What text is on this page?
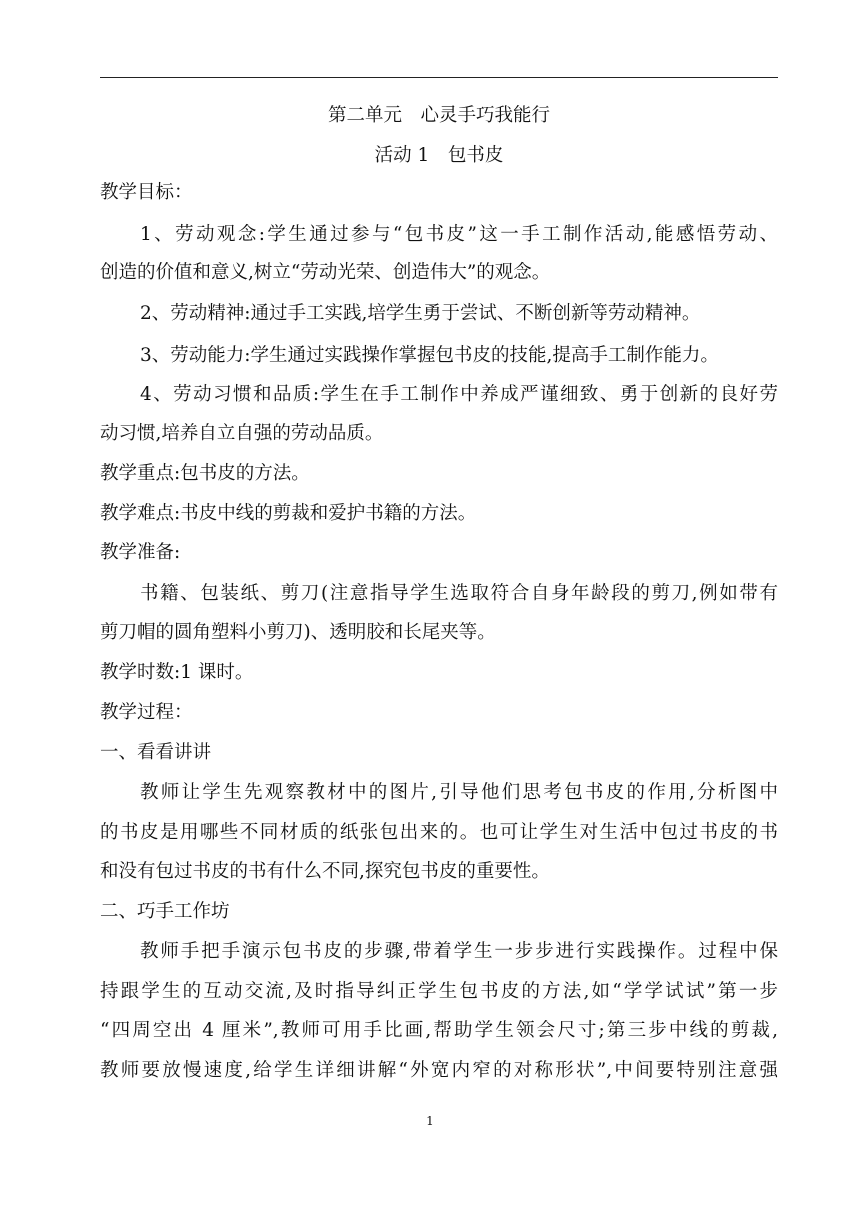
第二单元　心灵手巧我能行
活动 1　包书皮
教学目标：
1、劳动观念:学生通过参与“包书皮”这一手工制作活动,能感悟劳动、
创造的价值和意义,树立“劳动光荣、创造伟大”的观念。
2、劳动精神:通过手工实践,培学生勇于尝试、不断创新等劳动精神。
3、劳动能力:学生通过实践操作掌握包书皮的技能,提高手工制作能力。
4、劳动习惯和品质:学生在手工制作中养成严谨细致、勇于创新的良好劳
动习惯,培养自立自强的劳动品质。
教学重点:包书皮的方法。
教学难点:书皮中线的剪裁和爱护书籍的方法。
教学准备:
书籍、包装纸、剪刀(注意指导学生选取符合自身年龄段的剪刀,例如带有
剪刀帽的圆角塑料小剪刀)、透明胶和长尾夹等。
教学时数:1 课时。
教学过程：
一、看看讲讲
教师让学生先观察教材中的图片,引导他们思考包书皮的作用,分析图中
的书皮是用哪些不同材质的纸张包出来的。也可让学生对生活中包过书皮的书
和没有包过书皮的书有什么不同,探究包书皮的重要性。
二、巧手工作坊
教师手把手演示包书皮的步骤,带着学生一步步进行实践操作。过程中保
持跟学生的互动交流,及时指导纠正学生包书皮的方法,如“学学试试”第一步
“四周空出 4 厘米”,教师可用手比画,帮助学生领会尺寸;第三步中线的剪裁,
教师要放慢速度,给学生详细讲解“外宽内窄的对称形状”,中间要特别注意强
1
